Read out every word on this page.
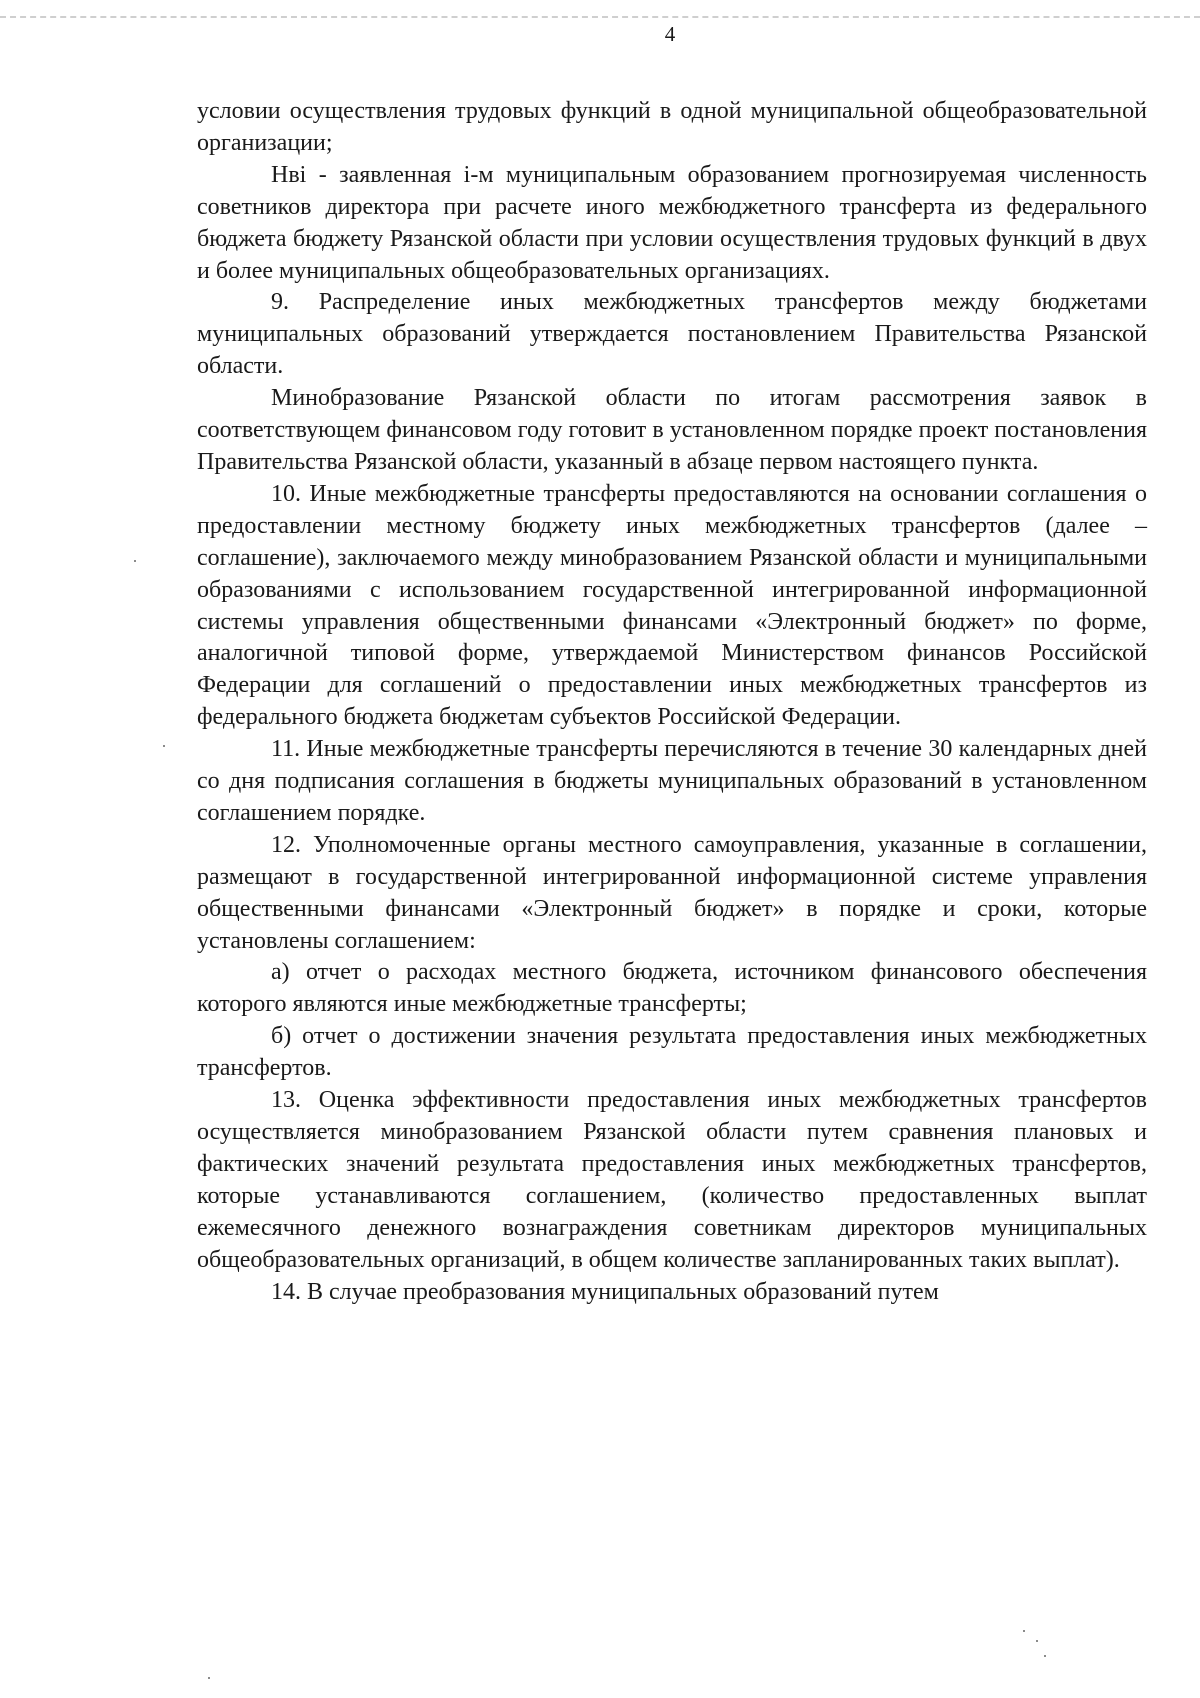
4

условии осуществления трудовых функций в одной муниципальной общеобразовательной организации;

Нві - заявленная i-м муниципальным образованием прогнозируемая численность советников директора при расчете иного межбюджетного трансферта из федерального бюджета бюджету Рязанской области при условии осуществления трудовых функций в двух и более муниципальных общеобразовательных организациях.

9. Распределение иных межбюджетных трансфертов между бюджетами муниципальных образований утверждается постановлением Правительства Рязанской области.

Минобразование Рязанской области по итогам рассмотрения заявок в соответствующем финансовом году готовит в установленном порядке проект постановления Правительства Рязанской области, указанный в абзаце первом настоящего пункта.

10. Иные межбюджетные трансферты предоставляются на основании соглашения о предоставлении местному бюджету иных межбюджетных трансфертов (далее – соглашение), заключаемого между минобразованием Рязанской области и муниципальными образованиями с использованием государственной интегрированной информационной системы управления общественными финансами «Электронный бюджет» по форме, аналогичной типовой форме, утверждаемой Министерством финансов Российской Федерации для соглашений о предоставлении иных межбюджетных трансфертов из федерального бюджета бюджетам субъектов Российской Федерации.

11. Иные межбюджетные трансферты перечисляются в течение 30 календарных дней со дня подписания соглашения в бюджеты муниципальных образований в установленном соглашением порядке.

12. Уполномоченные органы местного самоуправления, указанные в соглашении, размещают в государственной интегрированной информационной системе управления общественными финансами «Электронный бюджет» в порядке и сроки, которые установлены соглашением:

а) отчет о расходах местного бюджета, источником финансового обеспечения которого являются иные межбюджетные трансферты;

б) отчет о достижении значения результата предоставления иных межбюджетных трансфертов.

13. Оценка эффективности предоставления иных межбюджетных трансфертов осуществляется минобразованием Рязанской области путем сравнения плановых и фактических значений результата предоставления иных межбюджетных трансфертов, которые устанавливаются соглашением, (количество предоставленных выплат ежемесячного денежного вознаграждения советникам директоров муниципальных общеобразовательных организаций, в общем количестве запланированных таких выплат).

14. В случае преобразования муниципальных образований путем
